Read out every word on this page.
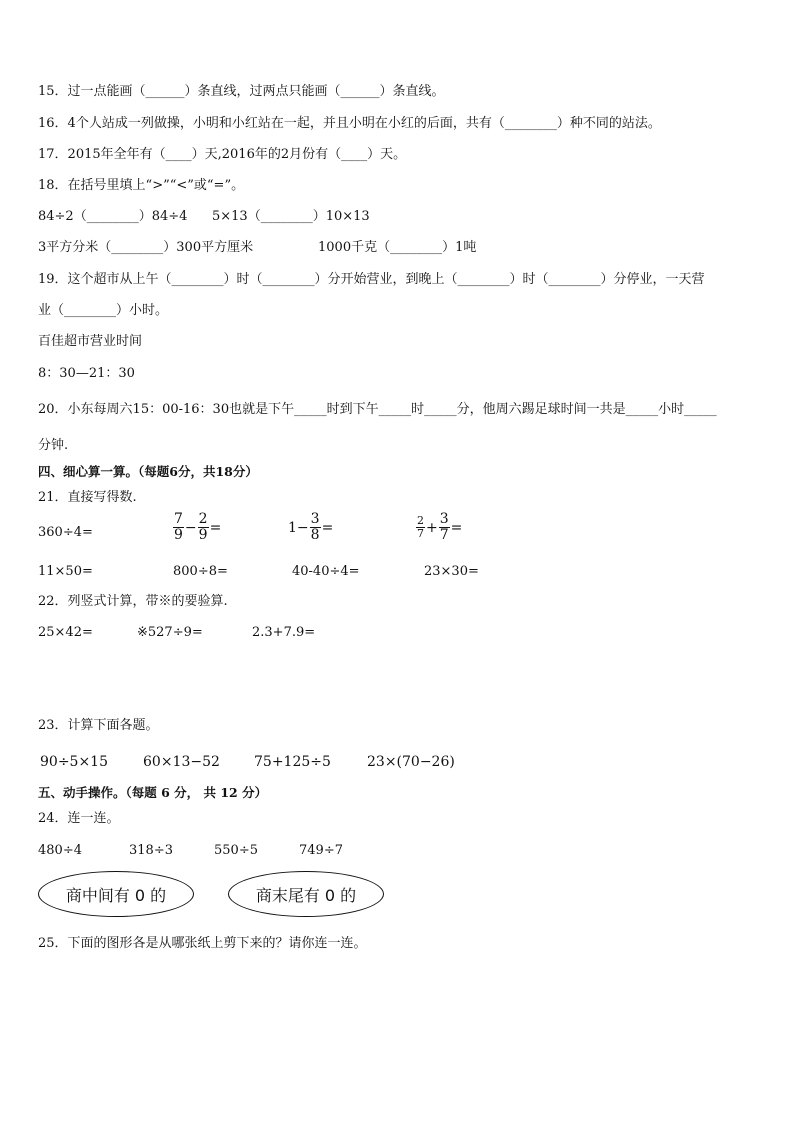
15．过一点能画（______）条直线，过两点只能画（______）条直线。
16．4个人站成一列做操，小明和小红站在一起，并且小明在小红的后面，共有（________）种不同的站法。
17．2015年全年有（____）天,2016年的2月份有（____）天。
18．在括号里填上“>”“<”或“=”。
84÷2（________）84÷4 5×13（________）10×13
3平方分米（________）300平方厘米	1000千克（________）1吨
19．这个超市从上午（________）时（________）分开始营业，到晚上（________）时（________）分停业，一天营
业（________）小时。
百佳超市营业时间
8：30—21：30
20．小东每周六15：00-16：30也就是下午_____时到下午_____时_____分，他周六踢足球时间一共是_____小时_____
分钟.
四、细心算一算。（每题6分，共18分）
21．直接写得数.
360÷4=	$\frac{7}{9} - \frac{2}{9}$ =	$1- \frac{3}{8}$ =	$\frac{2}{7} + \frac{3}{7}$ =
11×50=	800÷8=	40-40÷4=	23×30=
22．列竖式计算，带※的要验算.
25×42=	※527÷9=	2.3+7.9=
23．计算下面各题。
90÷5×15	60×13−52 75+125÷5	23×(70−26)
五、动手操作。（每题 6 分， 共 12 分）
24．连一连。
480÷4	318÷3	550÷5	749÷7
商中间有 0 的	商末尾有 0 的
25．下面的图形各是从哪张纸上剪下来的？请你连一连。
